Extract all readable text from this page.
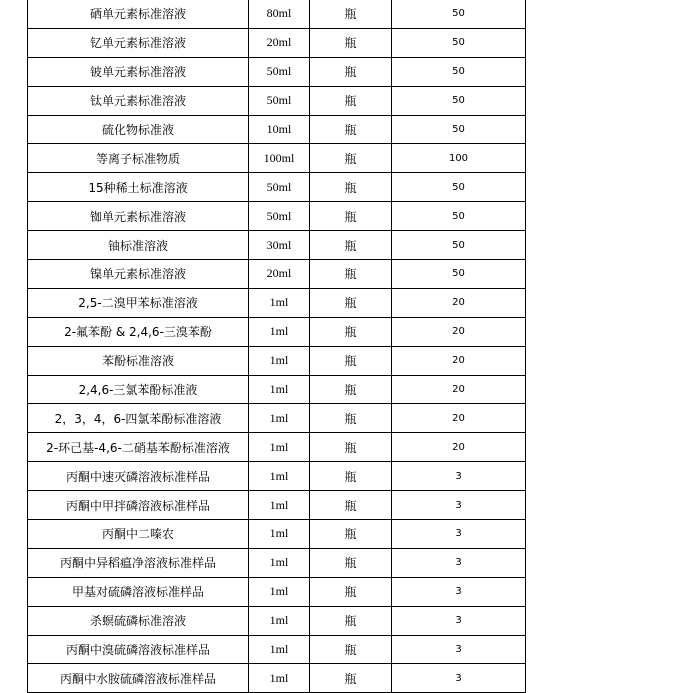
硒单元素标准溶液	80ml	瓶	50
钇单元素标准溶液	20ml	瓶	50
铍单元素标准溶液	50ml	瓶	50
钛单元素标准溶液	50ml	瓶	50
硫化物标准液	10ml	瓶	50
等离子标准物质	100ml	瓶	100
15种稀土标准溶液	50ml	瓶	50
铷单元素标准溶液	50ml	瓶	50
铀标准溶液	30ml	瓶	50
镍单元素标准溶液	20ml	瓶	50
2,5-二溴甲苯标准溶液	1ml	瓶	20
2-氟苯酚 & 2,4,6-三溴苯酚	1ml	瓶	20
苯酚标准溶液	1ml	瓶	20
2,4,6-三氯苯酚标准液	1ml	瓶	20
2，3，4，6-四氯苯酚标准溶液	1ml	瓶	20
2-环己基-4,6-二硝基苯酚标准溶液	1ml	瓶	20
丙酮中速灭磷溶液标准样品	1ml	瓶	3
丙酮中甲拌磷溶液标准样品	1ml	瓶	3
丙酮中二嗪农	1ml	瓶	3
丙酮中异稻瘟净溶液标准样品	1ml	瓶	3
甲基对硫磷溶液标准样品	1ml	瓶	3
杀螟硫磷标准溶液	1ml	瓶	3
丙酮中溴硫磷溶液标准样品	1ml	瓶	3
丙酮中水胺硫磷溶液标准样品	1ml	瓶	3
